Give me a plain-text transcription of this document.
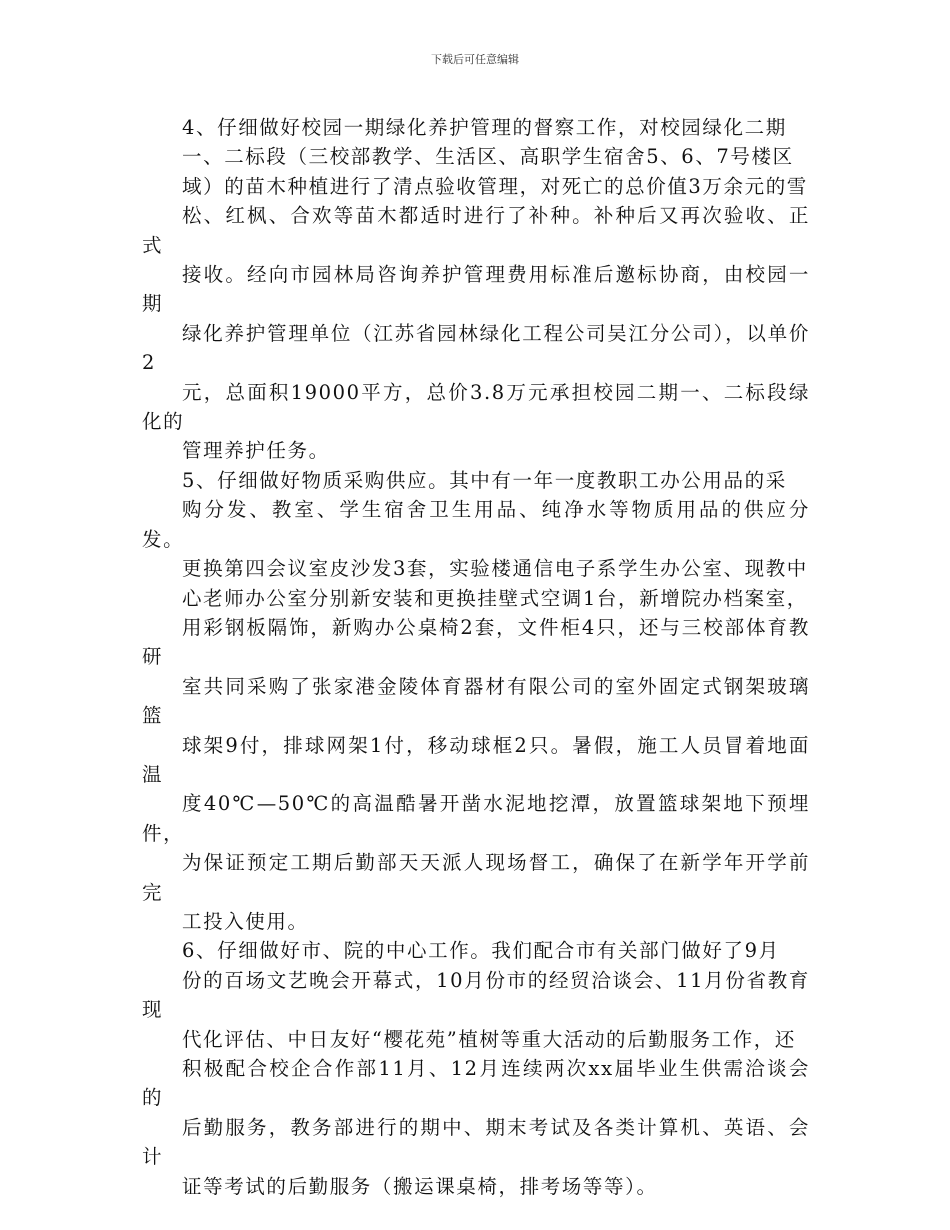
下载后可任意编辑

4、仔细做好校园一期绿化养护管理的督察工作，对校园绿化二期
一、二标段（三校部教学、生活区、高职学生宿舍5、6、7号楼区
域）的苗木种植进行了清点验收管理，对死亡的总价值3万余元的雪
松、红枫、合欢等苗木都适时进行了补种。补种后又再次验收、正式
接收。经向市园林局咨询养护管理费用标准后邀标协商，由校园一期
绿化养护管理单位（江苏省园林绿化工程公司吴江分公司），以单价2
元，总面积19000平方，总价3.8万元承担校园二期一、二标段绿化的
管理养护任务。

5、仔细做好物质采购供应。其中有一年一度教职工办公用品的采
购分发、教室、学生宿舍卫生用品、纯净水等物质用品的供应分发。
更换第四会议室皮沙发3套，实验楼通信电子系学生办公室、现教中
心老师办公室分别新安装和更换挂壁式空调1台，新增院办档案室，
用彩钢板隔饰，新购办公桌椅2套，文件柜4只，还与三校部体育教研
室共同采购了张家港金陵体育器材有限公司的室外固定式钢架玻璃篮
球架9付，排球网架1付，移动球框2只。暑假，施工人员冒着地面温
度40℃—50℃的高温酷暑开凿水泥地挖潭，放置篮球架地下预埋件，
为保证预定工期后勤部天天派人现场督工，确保了在新学年开学前完
工投入使用。

6、仔细做好市、院的中心工作。我们配合市有关部门做好了9月
份的百场文艺晚会开幕式，10月份市的经贸洽谈会、11月份省教育现
代化评估、中日友好“樱花苑”植树等重大活动的后勤服务工作，还
积极配合校企合作部11月、12月连续两次xx届毕业生供需洽谈会的
后勤服务，教务部进行的期中、期末考试及各类计算机、英语、会计
证等考试的后勤服务（搬运课桌椅，排考场等等）。
